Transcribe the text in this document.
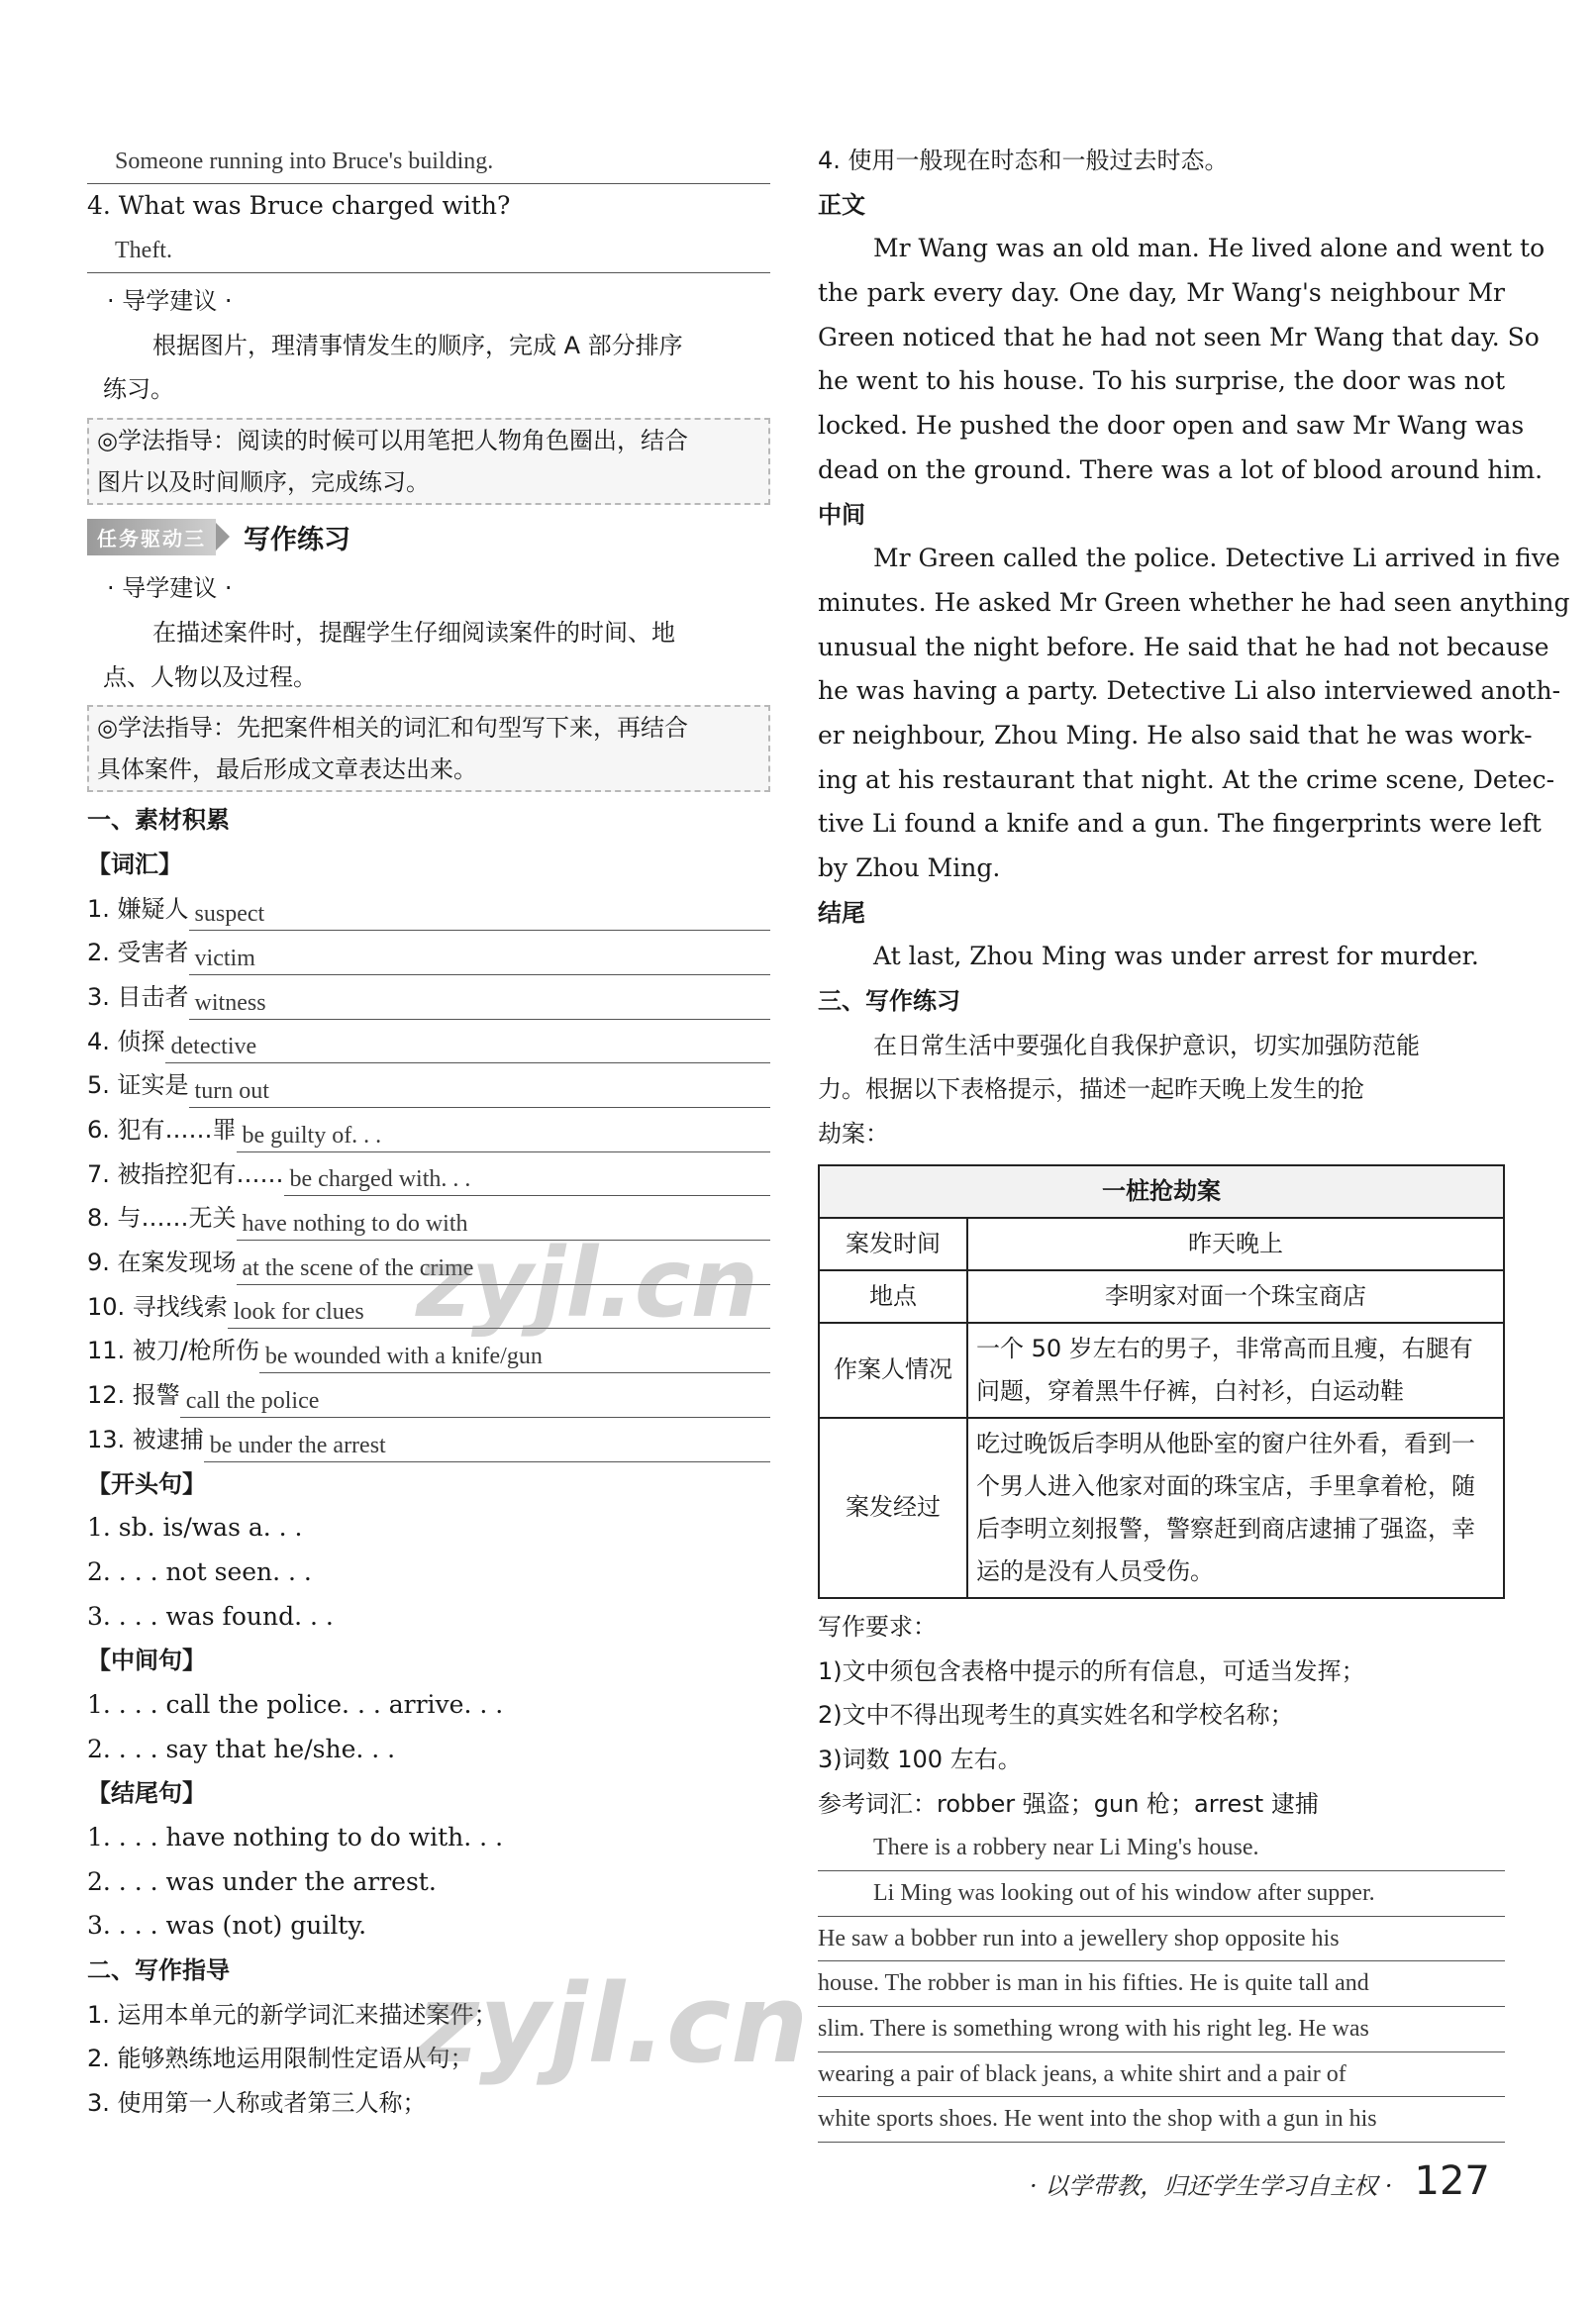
Someone running into Bruce's building.
4. What was Bruce charged with?
Theft.
· 导学建议 ·
根据图片，理清事情发生的顺序，完成 A 部分排序
练习。
◎学法指导：阅读的时候可以用笔把人物角色圈出，结合
图片以及时间顺序，完成练习。
任务驱动三	写作练习
· 导学建议 ·
在描述案件时，提醒学生仔细阅读案件的时间、地
点、人物以及过程。
◎学法指导：先把案件相关的词汇和句型写下来，再结合
具体案件，最后形成文章表达出来。
一、素材积累
【词汇】
1. 嫌疑人 suspect
2. 受害者 victim
3. 目击者 witness
4. 侦探 detective
5. 证实是 turn out
6. 犯有……罪 be guilty of. . .
7. 被指控犯有…… be charged with. . .
8. 与……无关 have nothing to do with
9. 在案发现场 at the scene of the crime
10. 寻找线索 look for clues
11. 被刀/枪所伤 be wounded with a knife/gun
12. 报警 call the police
13. 被逮捕 be under the arrest
【开头句】
1. sb. is/was a. . .
2. . . . not seen. . .
3. . . . was found. . .
【中间句】
1. . . . call the police. . . arrive. . .
2. . . . say that he/she. . .
【结尾句】
1. . . . have nothing to do with. . .
2. . . . was under the arrest.
3. . . . was (not) guilty.
二、写作指导
1. 运用本单元的新学词汇来描述案件；
2. 能够熟练地运用限制性定语从句；
3. 使用第一人称或者第三人称；
4. 使用一般现在时态和一般过去时态。
正文
Mr Wang was an old man. He lived alone and went to
the park every day. One day, Mr Wang's neighbour Mr
Green noticed that he had not seen Mr Wang that day. So
he went to his house. To his surprise, the door was not
locked. He pushed the door open and saw Mr Wang was
dead on the ground. There was a lot of blood around him.
中间
Mr Green called the police. Detective Li arrived in five
minutes. He asked Mr Green whether he had seen anything
unusual the night before. He said that he had not because
he was having a party. Detective Li also interviewed anoth-
er neighbour, Zhou Ming. He also said that he was work-
ing at his restaurant that night. At the crime scene, Detec-
tive Li found a knife and a gun. The fingerprints were left
by Zhou Ming.
结尾
At last, Zhou Ming was under arrest for murder.
三、写作练习
在日常生活中要强化自我保护意识，切实加强防范能
力。根据以下表格提示，描述一起昨天晚上发生的抢
劫案：
一桩抢劫案	
案发时间	昨天晚上
地点	李明家对面一个珠宝商店
作案人情况	一个 50 岁左右的男子，非常高而且瘦，右腿有问题，穿着黑牛仔裤，白衬衫，白运动鞋
案发经过	吃过晚饭后李明从他卧室的窗户往外看，看到一个男人进入他家对面的珠宝店，手里拿着枪，随后李明立刻报警，警察赶到商店逮捕了强盗，幸运的是没有人员受伤。
写作要求：
1)文中须包含表格中提示的所有信息，可适当发挥；
2)文中不得出现考生的真实姓名和学校名称；
3)词数 100 左右。
参考词汇：robber 强盗；gun 枪；arrest 逮捕
There is a robbery near Li Ming's house.
Li Ming was looking out of his window after supper.
He saw a bobber run into a jewellery shop opposite his
house. The robber is man in his fifties. He is quite tall and
slim. There is something wrong with his right leg. He was
wearing a pair of black jeans, a white shirt and a pair of
white sports shoes. He went into the shop with a gun in his
· 以学带教，归还学生学习自主权 · 127
zyjl.cn
zyjl.cn
